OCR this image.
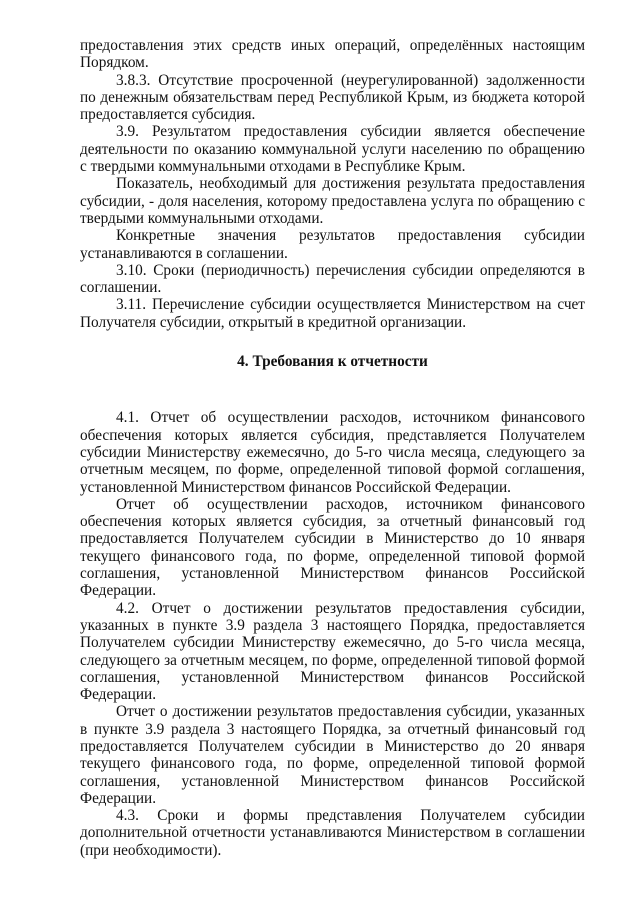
предоставления этих средств иных операций, определённых настоящим Порядком.

3.8.3. Отсутствие просроченной (неурегулированной) задолженности по денежным обязательствам перед Республикой Крым, из бюджета которой предоставляется субсидия.

3.9. Результатом предоставления субсидии является обеспечение деятельности по оказанию коммунальной услуги населению по обращению с твердыми коммунальными отходами в Республике Крым.

Показатель, необходимый для достижения результата предоставления субсидии, - доля населения, которому предоставлена услуга по обращению с твердыми коммунальными отходами.

Конкретные значения результатов предоставления субсидии устанавливаются в соглашении.

3.10. Сроки (периодичность) перечисления субсидии определяются в соглашении.

3.11. Перечисление субсидии осуществляется Министерством на счет Получателя субсидии, открытый в кредитной организации.

4. Требования к отчетности

4.1. Отчет об осуществлении расходов, источником финансового обеспечения которых является субсидия, представляется Получателем субсидии Министерству ежемесячно, до 5-го числа месяца, следующего за отчетным месяцем, по форме, определенной типовой формой соглашения, установленной Министерством финансов Российской Федерации.

Отчет об осуществлении расходов, источником финансового обеспечения которых является субсидия, за отчетный финансовый год предоставляется Получателем субсидии в Министерство до 10 января текущего финансового года, по форме, определенной типовой формой соглашения, установленной Министерством финансов Российской Федерации.

4.2. Отчет о достижении результатов предоставления субсидии, указанных в пункте 3.9 раздела 3 настоящего Порядка, предоставляется Получателем субсидии Министерству ежемесячно, до 5-го числа месяца, следующего за отчетным месяцем, по форме, определенной типовой формой соглашения, установленной Министерством финансов Российской Федерации.

Отчет о достижении результатов предоставления субсидии, указанных в пункте 3.9 раздела 3 настоящего Порядка, за отчетный финансовый год предоставляется Получателем субсидии в Министерство до 20 января текущего финансового года, по форме, определенной типовой формой соглашения, установленной Министерством финансов Российской Федерации.

4.3. Сроки и формы представления Получателем субсидии дополнительной отчетности устанавливаются Министерством в соглашении (при необходимости).
